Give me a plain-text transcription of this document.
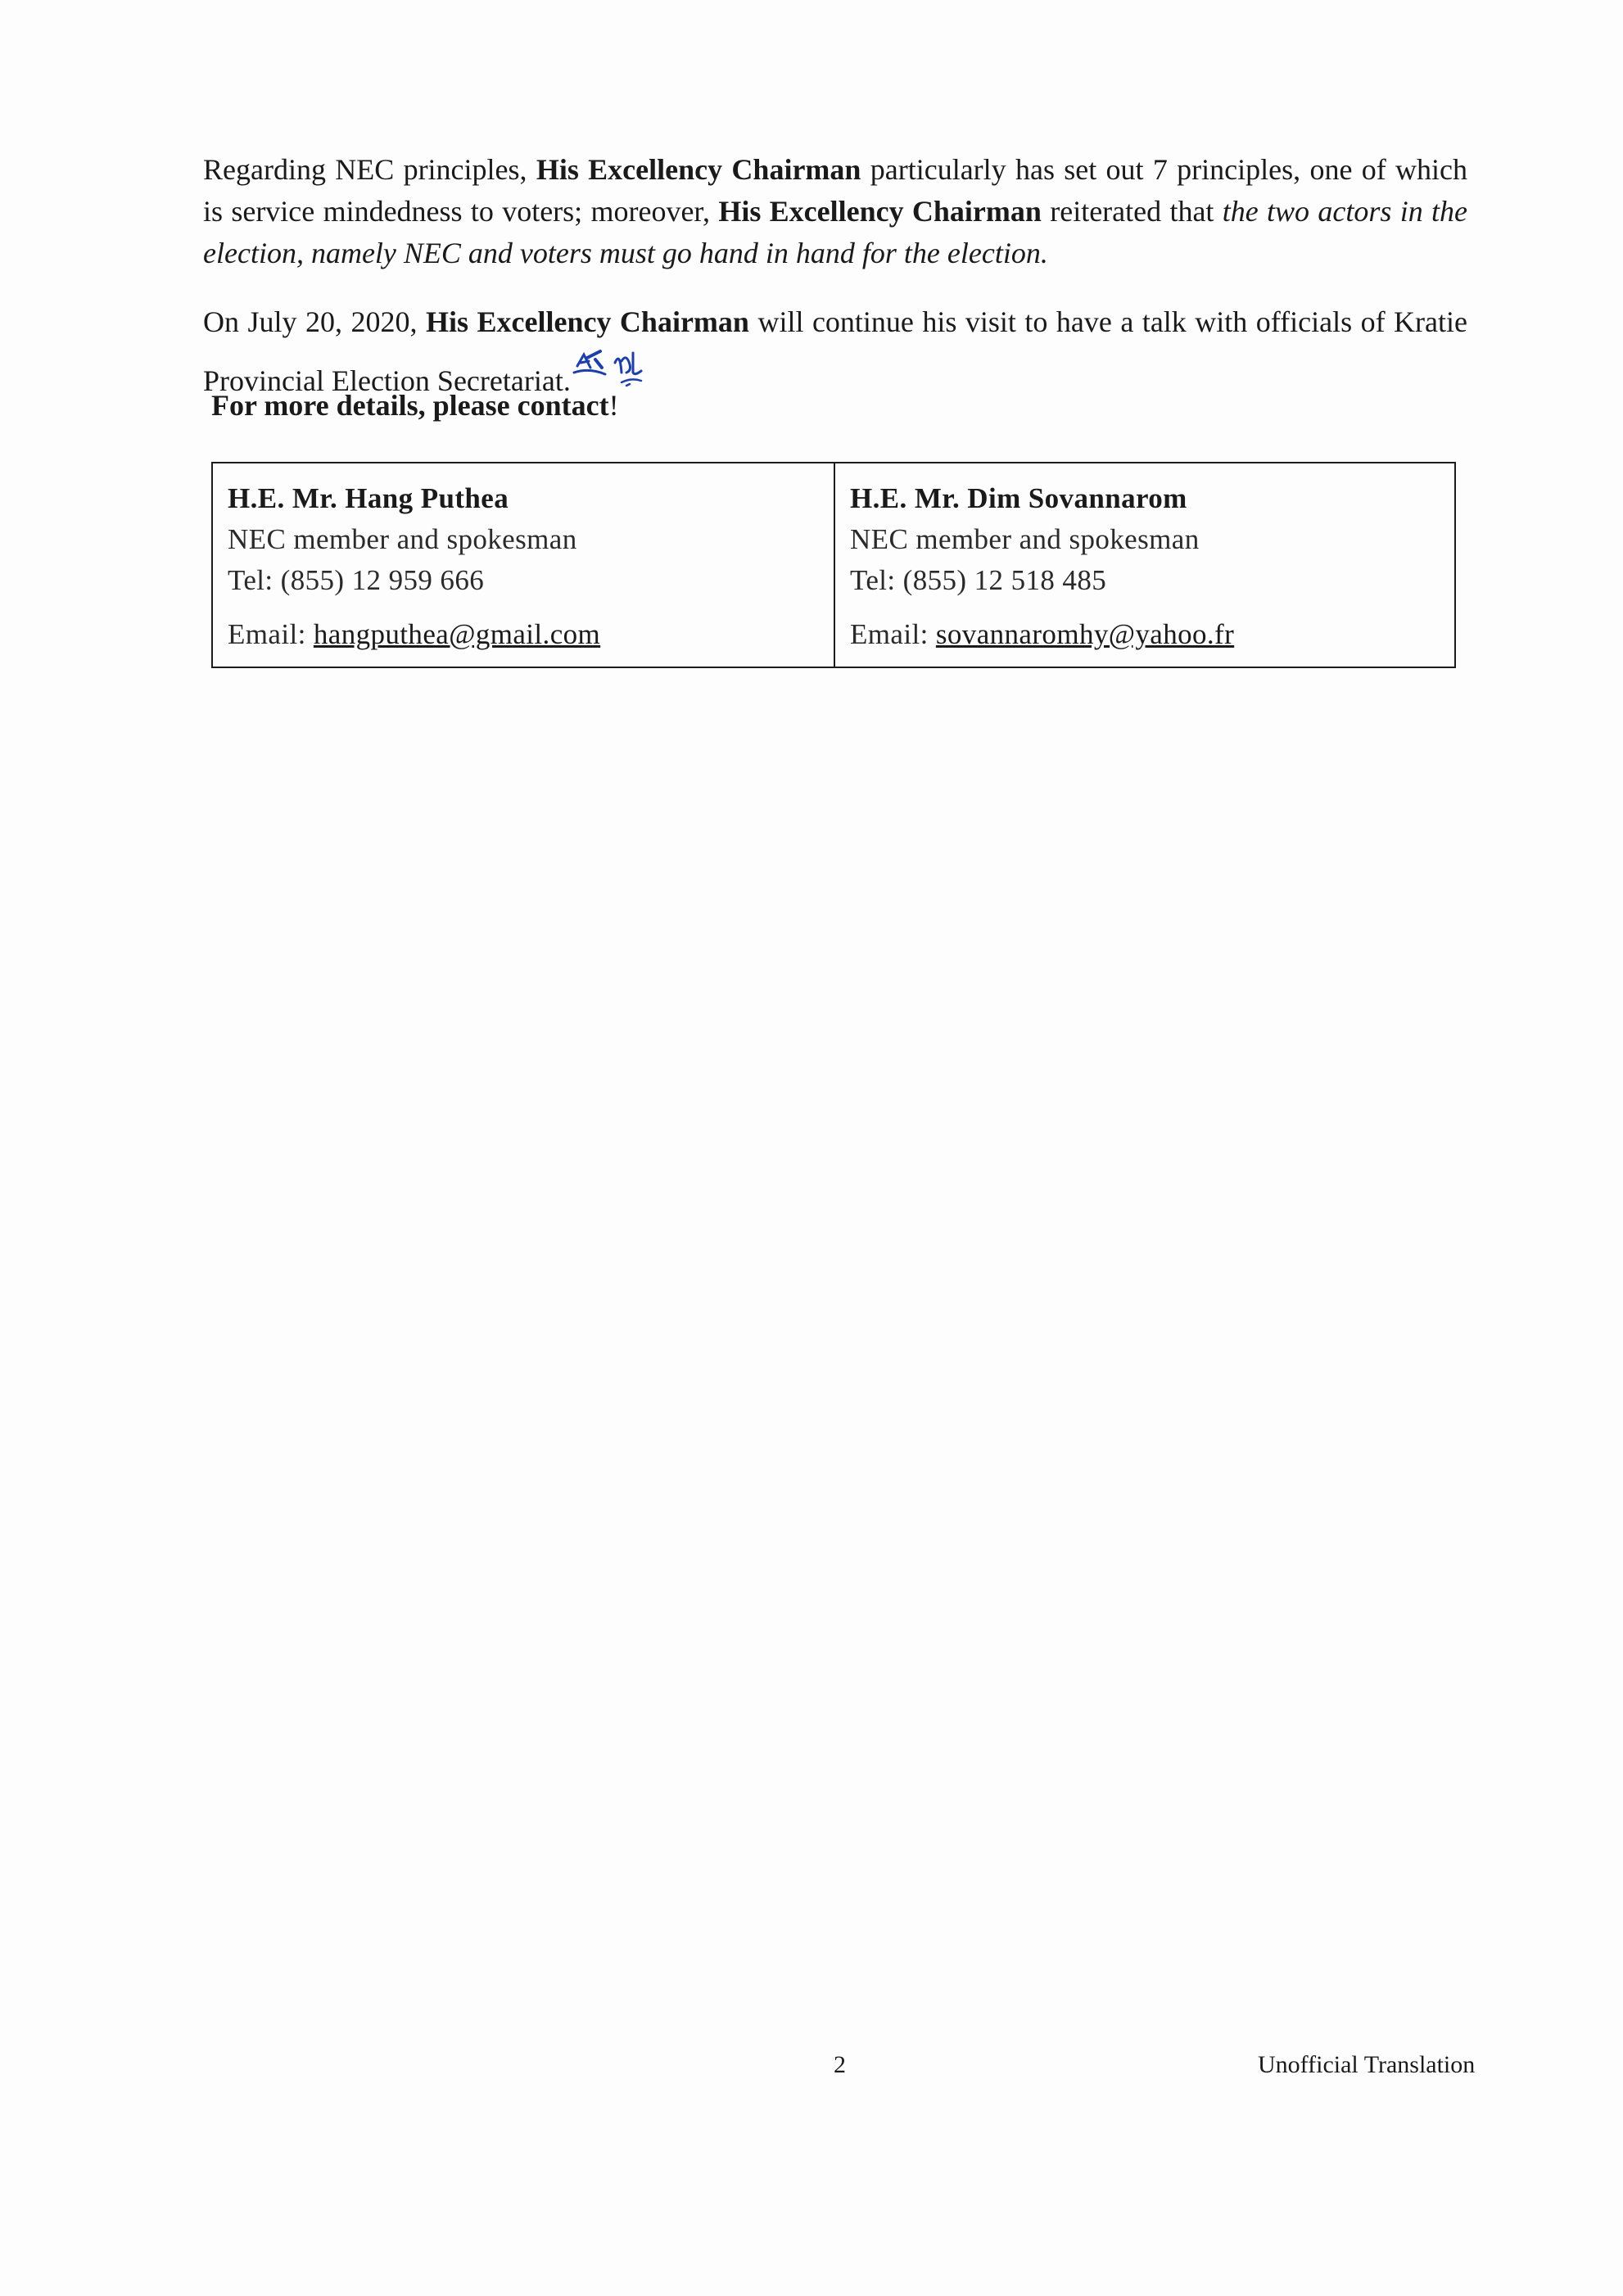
Regarding NEC principles, His Excellency Chairman particularly has set out 7 principles, one of which is service mindedness to voters; moreover, His Excellency Chairman reiterated that the two actors in the election, namely NEC and voters must go hand in hand for the election.

On July 20, 2020, His Excellency Chairman will continue his visit to have a talk with officials of Kratie Provincial Election Secretariat.

For more details, please contact!
H.E. Mr. Hang Puthea
NEC member and spokesman
Tel: (855) 12 959 666
Email: hangputhea@gmail.com
H.E. Mr. Dim Sovannarom
NEC member and spokesman
Tel: (855) 12 518 485
Email: sovannaromhy@yahoo.fr
2	Unofficial Translation
